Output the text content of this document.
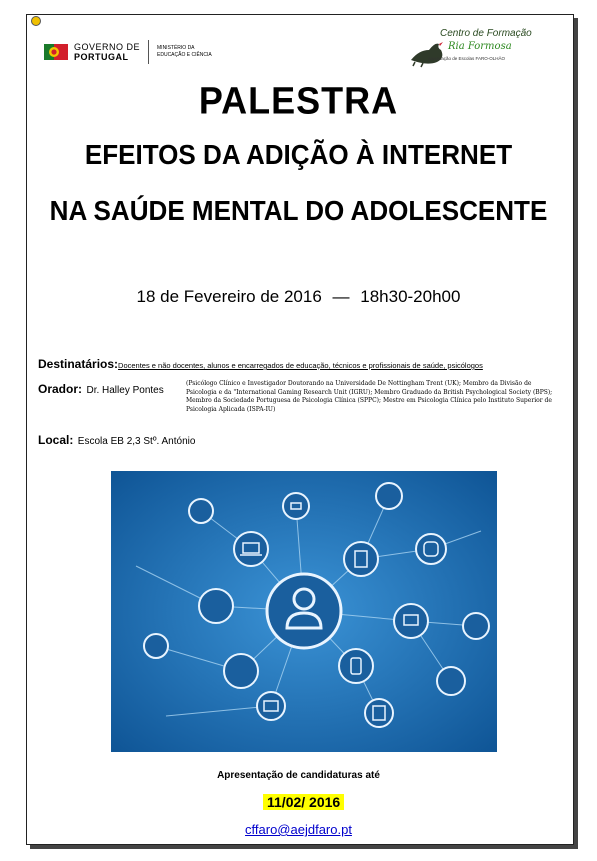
GOVERNO DE
PORTUGAL
MINISTÉRIO DA EDUCAÇÃO E CIÊNCIA
Centro de Formação
Ria Formosa
Associação de Escolas FARO-OLHÃO
PALESTRA
EFEITOS DA ADIÇÃO À INTERNET
NA SAÚDE MENTAL DO ADOLESCENTE
18 de Fevereiro de 2016 — 18h30-20h00
Destinatários:Docentes e não docentes, alunos e encarregados de educação, técnicos e profissionais de saúde, psicólogos
Orador: Dr. Halley Pontes
(Psicólogo Clínico e Investigador Doutorando na Universidade De Nottingham Trent (UK); Membro da Divisão de Psicologia e da "International Gaming Research Unit (IGRU); Membro Graduado da British Psychological Society (BPS); Membro da Sociedade Portuguesa de Psicologia Clínica (SPPC); Mestre em Psicologia Clínica pelo Instituto Superior de Psicologia Aplicada (ISPA-IU)
Local: Escola EB 2,3 Stº. António
Apresentação de candidaturas até
11/02/ 2016
cffaro@aejdfaro.pt
